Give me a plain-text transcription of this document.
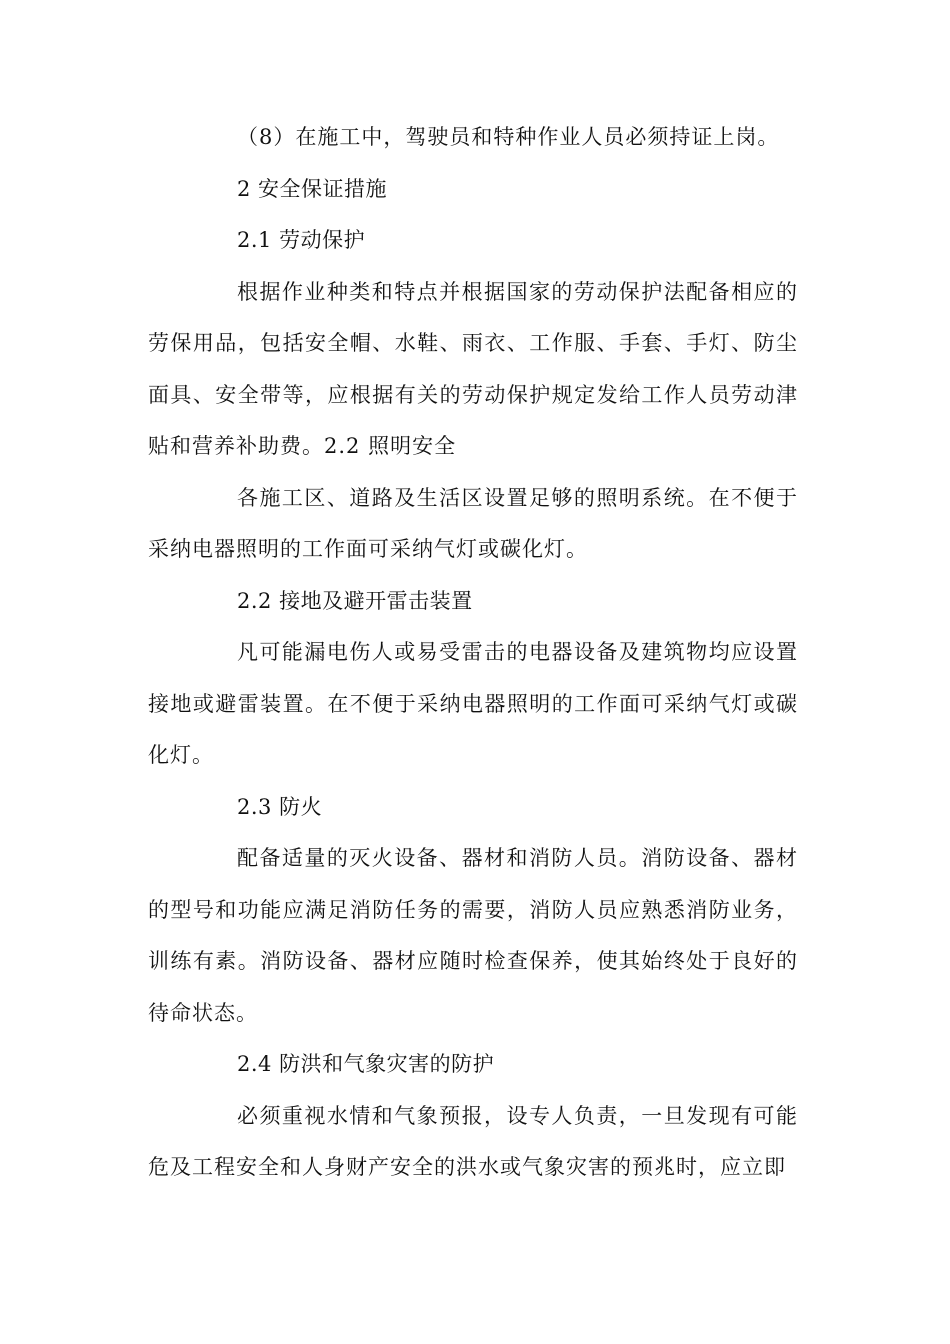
（8）在施工中，驾驶员和特种作业人员必须持证上岗。

2 安全保证措施

2.1 劳动保护

根据作业种类和特点并根据国家的劳动保护法配备相应的劳保用品，包括安全帽、水鞋、雨衣、工作服、手套、手灯、防尘面具、安全带等，应根据有关的劳动保护规定发给工作人员劳动津贴和营养补助费。2.2 照明安全

各施工区、道路及生活区设置足够的照明系统。在不便于采纳电器照明的工作面可采纳气灯或碳化灯。

2.2 接地及避开雷击装置

凡可能漏电伤人或易受雷击的电器设备及建筑物均应设置接地或避雷装置。在不便于采纳电器照明的工作面可采纳气灯或碳化灯。

2.3 防火

配备适量的灭火设备、器材和消防人员。消防设备、器材的型号和功能应满足消防任务的需要，消防人员应熟悉消防业务，训练有素。消防设备、器材应随时检查保养，使其始终处于良好的待命状态。

2.4 防洪和气象灾害的防护

必须重视水情和气象预报，设专人负责，一旦发现有可能危及工程安全和人身财产安全的洪水或气象灾害的预兆时，应立即
